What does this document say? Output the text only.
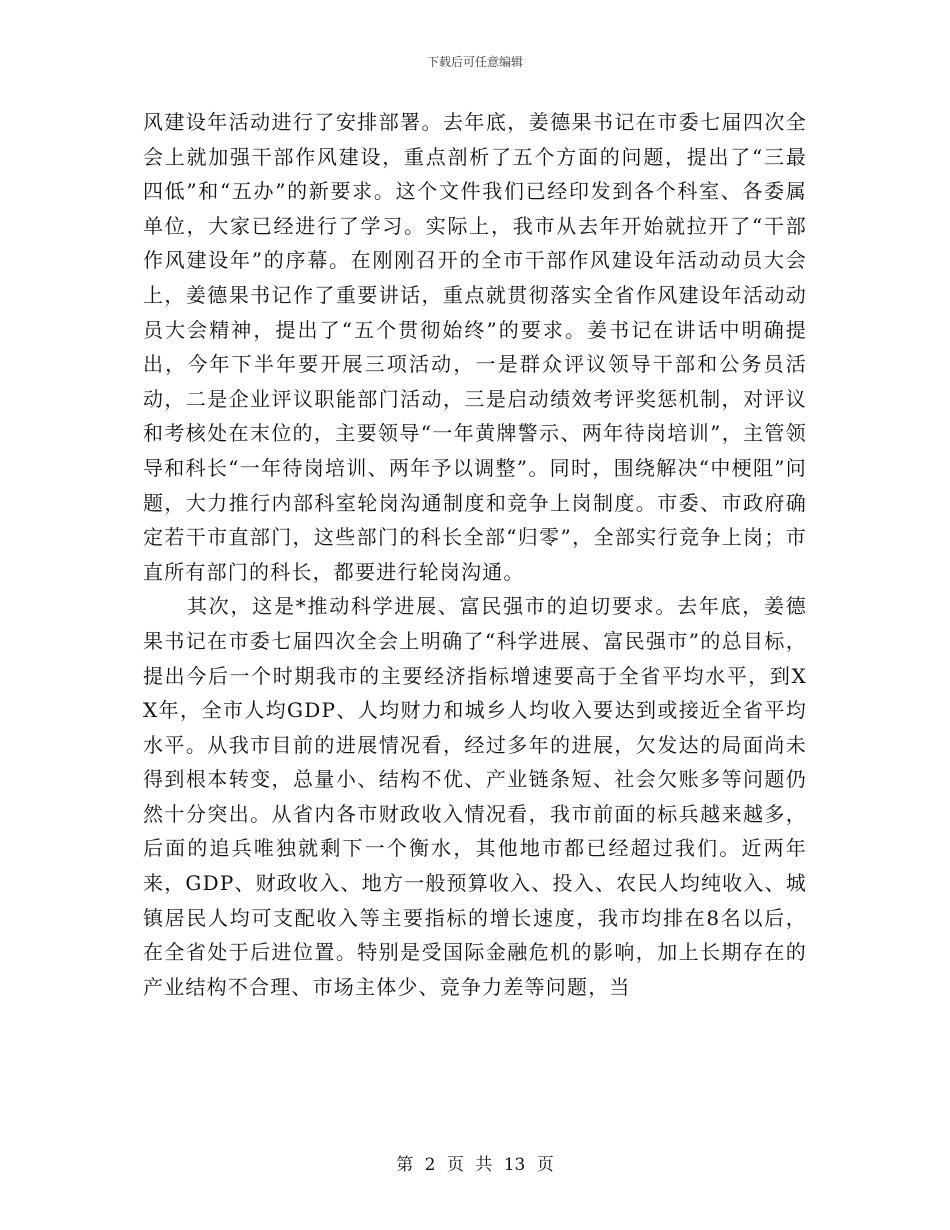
下载后可任意编辑

风建设年活动进行了安排部署。去年底，姜德果书记在市委七届四次全会上就加强干部作风建设，重点剖析了五个方面的问题，提出了“三最四低”和“五办”的新要求。这个文件我们已经印发到各个科室、各委属单位，大家已经进行了学习。实际上，我市从去年开始就拉开了“干部作风建设年”的序幕。在刚刚召开的全市干部作风建设年活动动员大会上，姜德果书记作了重要讲话，重点就贯彻落实全省作风建设年活动动员大会精神，提出了“五个贯彻始终”的要求。姜书记在讲话中明确提出，今年下半年要开展三项活动，一是群众评议领导干部和公务员活动，二是企业评议职能部门活动，三是启动绩效考评奖惩机制，对评议和考核处在末位的，主要领导“一年黄牌警示、两年待岗培训”，主管领导和科长“一年待岗培训、两年予以调整”。同时，围绕解决“中梗阻”问题，大力推行内部科室轮岗沟通制度和竞争上岗制度。市委、市政府确定若干市直部门，这些部门的科长全部“归零”，全部实行竞争上岗；市直所有部门的科长，都要进行轮岗沟通。

其次，这是*推动科学进展、富民强市的迫切要求。去年底，姜德果书记在市委七届四次全会上明确了“科学进展、富民强市”的总目标，提出今后一个时期我市的主要经济指标增速要高于全省平均水平，到XX年，全市人均GDP、人均财力和城乡人均收入要达到或接近全省平均水平。从我市目前的进展情况看，经过多年的进展，欠发达的局面尚未得到根本转变，总量小、结构不优、产业链条短、社会欠账多等问题仍然十分突出。从省内各市财政收入情况看，我市前面的标兵越来越多，后面的追兵唯独就剩下一个衡水，其他地市都已经超过我们。近两年来，GDP、财政收入、地方一般预算收入、投入、农民人均纯收入、城镇居民人均可支配收入等主要指标的增长速度，我市均排在8名以后，在全省处于后进位置。特别是受国际金融危机的影响，加上长期存在的产业结构不合理、市场主体少、竞争力差等问题，当

第 2 页 共 13 页
